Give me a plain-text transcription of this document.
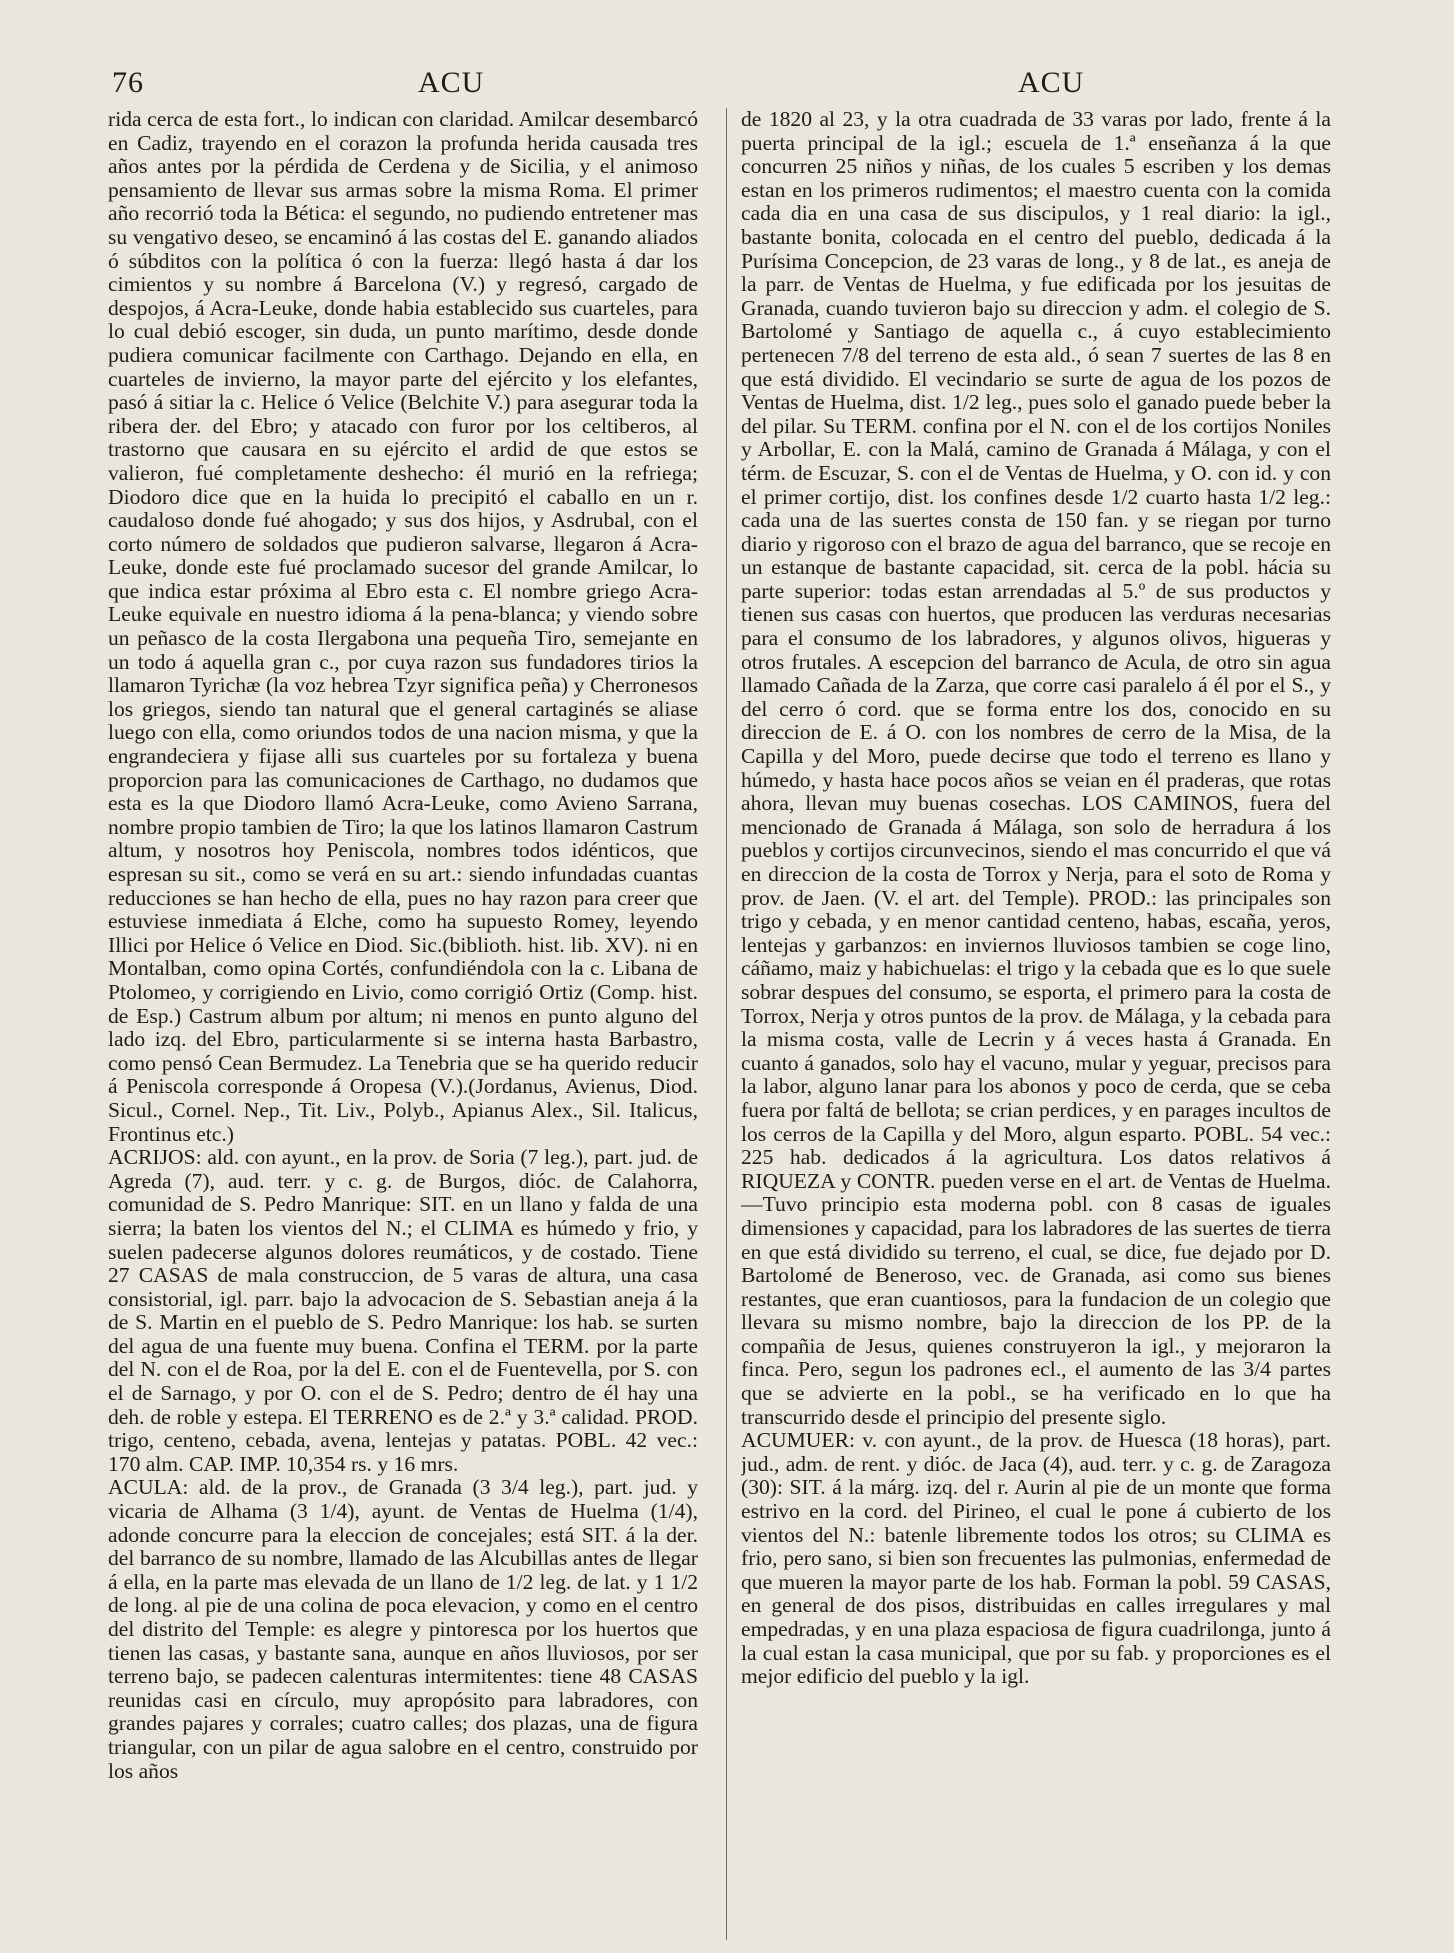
76	ACU	ACU

rida cerca de esta fort., lo indican con claridad. Amilcar desembarcó en Cadiz, trayendo en el corazon la profunda herida causada tres años antes por la pérdida de Cerdena y de Sicilia, y el animoso pensamiento de llevar sus armas sobre la misma Roma. El primer año recorrió toda la Bética: el segundo, no pudiendo entretener mas su vengativo deseo, se encaminó á las costas del E. ganando aliados ó súbditos con la política ó con la fuerza: llegó hasta á dar los cimientos y su nombre á Barcelona (V.) y regresó, cargado de despojos, á Acra-Leuke, donde habia establecido sus cuarteles, para lo cual debió escoger, sin duda, un punto marítimo, desde donde pudiera comunicar facilmente con Carthago. Dejando en ella, en cuarteles de invierno, la mayor parte del ejército y los elefantes, pasó á sitiar la c. Helice ó Velice (Belchite V.) para asegurar toda la ribera der. del Ebro; y atacado con furor por los celtiberos, al trastorno que causara en su ejército el ardid de que estos se valieron, fué completamente deshecho: él murió en la refriega; Diodoro dice que en la huida lo precipitó el caballo en un r. caudaloso donde fué ahogado; y sus dos hijos, y Asdrubal, con el corto número de soldados que pudieron salvarse, llegaron á Acra-Leuke, donde este fué proclamado sucesor del grande Amilcar, lo que indica estar próxima al Ebro esta c. El nombre griego Acra-Leuke equivale en nuestro idioma á la pena-blanca; y viendo sobre un peñasco de la costa Ilergabona una pequeña Tiro, semejante en un todo á aquella gran c., por cuya razon sus fundadores tirios la llamaron Tyrichæ (la voz hebrea Tzyr significa peña) y Cherronesos los griegos, siendo tan natural que el general cartaginés se aliase luego con ella, como oriundos todos de una nacion misma, y que la engrandeciera y fijase alli sus cuarteles por su fortaleza y buena proporcion para las comunicaciones de Carthago, no dudamos que esta es la que Diodoro llamó Acra-Leuke, como Avieno Sarrana, nombre propio tambien de Tiro; la que los latinos llamaron Castrum altum, y nosotros hoy Peniscola, nombres todos idénticos, que espresan su sit., como se verá en su art.: siendo infundadas cuantas reducciones se han hecho de ella, pues no hay razon para creer que estuviese inmediata á Elche, como ha supuesto Romey, leyendo Illici por Helice ó Velice en Diod. Sic.(biblioth. hist. lib. XV). ni en Montalban, como opina Cortés, confundiéndola con la c. Libana de Ptolomeo, y corrigiendo en Livio, como corrigió Ortiz (Comp. hist. de Esp.) Castrum album por altum; ni menos en punto alguno del lado izq. del Ebro, particularmente si se interna hasta Barbastro, como pensó Cean Bermudez. La Tenebria que se ha querido reducir á Peniscola corresponde á Oropesa (V.).(Jordanus, Avienus, Diod. Sicul., Cornel. Nep., Tit. Liv., Polyb., Apianus Alex., Sil. Italicus, Frontinus etc.)

ACRIJOS: ald. con ayunt., en la prov. de Soria (7 leg.), part. jud. de Agreda (7), aud. terr. y c. g. de Burgos, dióc. de Calahorra, comunidad de S. Pedro Manrique: SIT. en un llano y falda de una sierra; la baten los vientos del N.; el CLIMA es húmedo y frio, y suelen padecerse algunos dolores reumáticos, y de costado. Tiene 27 CASAS de mala construccion, de 5 varas de altura, una casa consistorial, igl. parr. bajo la advocacion de S. Sebastian aneja á la de S. Martin en el pueblo de S. Pedro Manrique: los hab. se surten del agua de una fuente muy buena. Confina el TERM. por la parte del N. con el de Roa, por la del E. con el de Fuentevella, por S. con el de Sarnago, y por O. con el de S. Pedro; dentro de él hay una deh. de roble y estepa. El TERRENO es de 2.ª y 3.ª calidad. PROD. trigo, centeno, cebada, avena, lentejas y patatas. POBL. 42 vec.: 170 alm. CAP. IMP. 10,354 rs. y 16 mrs.

ACULA: ald. de la prov., de Granada (3 3/4 leg.), part. jud. y vicaria de Alhama (3 1/4), ayunt. de Ventas de Huelma (1/4), adonde concurre para la eleccion de concejales; está SIT. á la der. del barranco de su nombre, llamado de las Alcubillas antes de llegar á ella, en la parte mas elevada de un llano de 1/2 leg. de lat. y 1 1/2 de long. al pie de una colina de poca elevacion, y como en el centro del distrito del Temple: es alegre y pintoresca por los huertos que tienen las casas, y bastante sana, aunque en años lluviosos, por ser terreno bajo, se padecen calenturas intermitentes: tiene 48 CASAS reunidas casi en círculo, muy apropósito para labradores, con grandes pajares y corrales; cuatro calles; dos plazas, una de figura triangular, con un pilar de agua salobre en el centro, construido por los años

de 1820 al 23, y la otra cuadrada de 33 varas por lado, frente á la puerta principal de la igl.; escuela de 1.ª enseñanza á la que concurren 25 niños y niñas, de los cuales 5 escriben y los demas estan en los primeros rudimentos; el maestro cuenta con la comida cada dia en una casa de sus discipulos, y 1 real diario: la igl., bastante bonita, colocada en el centro del pueblo, dedicada á la Purísima Concepcion, de 23 varas de long., y 8 de lat., es aneja de la parr. de Ventas de Huelma, y fue edificada por los jesuitas de Granada, cuando tuvieron bajo su direccion y adm. el colegio de S. Bartolomé y Santiago de aquella c., á cuyo establecimiento pertenecen 7/8 del terreno de esta ald., ó sean 7 suertes de las 8 en que está dividido. El vecindario se surte de agua de los pozos de Ventas de Huelma, dist. 1/2 leg., pues solo el ganado puede beber la del pilar. Su TERM. confina por el N. con el de los cortijos Noniles y Arbollar, E. con la Malá, camino de Granada á Málaga, y con el térm. de Escuzar, S. con el de Ventas de Huelma, y O. con id. y con el primer cortijo, dist. los confines desde 1/2 cuarto hasta 1/2 leg.: cada una de las suertes consta de 150 fan. y se riegan por turno diario y rigoroso con el brazo de agua del barranco, que se recoje en un estanque de bastante capacidad, sit. cerca de la pobl. hácia su parte superior: todas estan arrendadas al 5.º de sus productos y tienen sus casas con huertos, que producen las verduras necesarias para el consumo de los labradores, y algunos olivos, higueras y otros frutales. A escepcion del barranco de Acula, de otro sin agua llamado Cañada de la Zarza, que corre casi paralelo á él por el S., y del cerro ó cord. que se forma entre los dos, conocido en su direccion de E. á O. con los nombres de cerro de la Misa, de la Capilla y del Moro, puede decirse que todo el terreno es llano y húmedo, y hasta hace pocos años se veian en él praderas, que rotas ahora, llevan muy buenas cosechas. LOS CAMINOS, fuera del mencionado de Granada á Málaga, son solo de herradura á los pueblos y cortijos circunvecinos, siendo el mas concurrido el que vá en direccion de la costa de Torrox y Nerja, para el soto de Roma y prov. de Jaen. (V. el art. del Temple). PROD.: las principales son trigo y cebada, y en menor cantidad centeno, habas, escaña, yeros, lentejas y garbanzos: en inviernos lluviosos tambien se coge lino, cáñamo, maiz y habichuelas: el trigo y la cebada que es lo que suele sobrar despues del consumo, se esporta, el primero para la costa de Torrox, Nerja y otros puntos de la prov. de Málaga, y la cebada para la misma costa, valle de Lecrin y á veces hasta á Granada. En cuanto á ganados, solo hay el vacuno, mular y yeguar, precisos para la labor, alguno lanar para los abonos y poco de cerda, que se ceba fuera por faltá de bellota; se crian perdices, y en parages incultos de los cerros de la Capilla y del Moro, algun esparto. POBL. 54 vec.: 225 hab. dedicados á la agricultura. Los datos relativos á RIQUEZA y CONTR. pueden verse en el art. de Ventas de Huelma. —Tuvo principio esta moderna pobl. con 8 casas de iguales dimensiones y capacidad, para los labradores de las suertes de tierra en que está dividido su terreno, el cual, se dice, fue dejado por D. Bartolomé de Beneroso, vec. de Granada, asi como sus bienes restantes, que eran cuantiosos, para la fundacion de un colegio que llevara su mismo nombre, bajo la direccion de los PP. de la compañia de Jesus, quienes construyeron la igl., y mejoraron la finca. Pero, segun los padrones ecl., el aumento de las 3/4 partes que se advierte en la pobl., se ha verificado en lo que ha transcurrido desde el principio del presente siglo.

ACUMUER: v. con ayunt., de la prov. de Huesca (18 horas), part. jud., adm. de rent. y dióc. de Jaca (4), aud. terr. y c. g. de Zaragoza (30): SIT. á la márg. izq. del r. Aurin al pie de un monte que forma estrivo en la cord. del Pirineo, el cual le pone á cubierto de los vientos del N.: batenle libremente todos los otros; su CLIMA es frio, pero sano, si bien son frecuentes las pulmonias, enfermedad de que mueren la mayor parte de los hab. Forman la pobl. 59 CASAS, en general de dos pisos, distribuidas en calles irregulares y mal empedradas, y en una plaza espaciosa de figura cuadrilonga, junto á la cual estan la casa municipal, que por su fab. y proporciones es el mejor edificio del pueblo y la igl.
